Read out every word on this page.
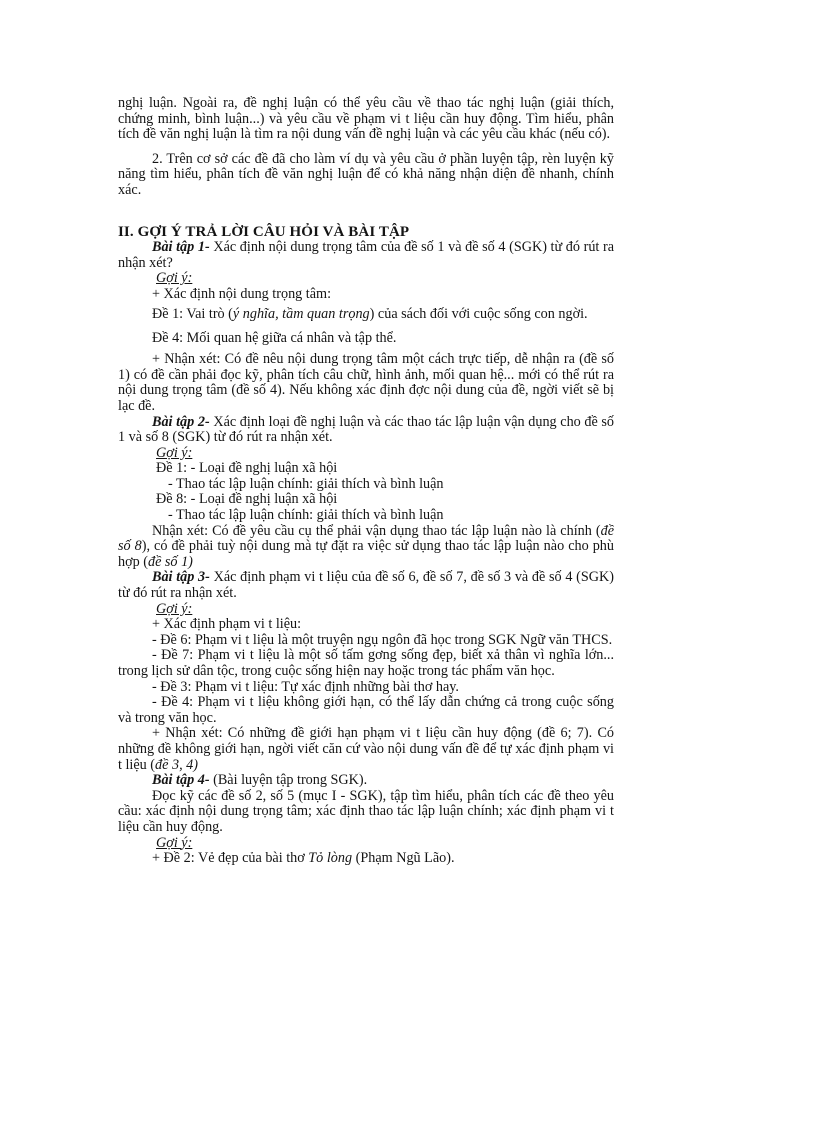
nghị luận. Ngoài ra, đề nghị luận có thể yêu cầu về thao tác nghị luận (giải thích, chứng minh, bình luận...) và yêu cầu về phạm vi t liệu cần huy động. Tìm hiểu, phân tích đề văn nghị luận là tìm ra nội dung vấn đề nghị luận và các yêu cầu khác (nếu có).

2. Trên cơ sở các đề đã cho làm ví dụ và yêu cầu ở phần luyện tập, rèn luyện kỹ năng tìm hiểu, phân tích đề văn nghị luận để có khả năng nhận diện đề nhanh, chính xác.

II. GỢI Ý TRẢ LỜI CÂU HỎI VÀ BÀI TẬP

Bài tập 1- Xác định nội dung trọng tâm của đề số 1 và đề số 4 (SGK) từ đó rút ra nhận xét?

Gợi ý:

+ Xác định nội dung trọng tâm:

Đề 1: Vai trò (ý nghĩa, tầm quan trọng) của sách đối với cuộc sống con ngời.

Đề 4: Mối quan hệ giữa cá nhân và tập thể.

+ Nhận xét: Có đề nêu nội dung trọng tâm một cách trực tiếp, dễ nhận ra (đề số 1) có đề cần phải đọc kỹ, phân tích câu chữ, hình ảnh, mối quan hệ... mới có thể rút ra nội dung trọng tâm (đề số 4). Nếu không xác định đợc nội dung của đề, ngời viết sẽ bị lạc đề.

Bài tập 2- Xác định loại đề nghị luận và các thao tác lập luận vận dụng cho đề số 1 và số 8 (SGK) từ đó rút ra nhận xét.

Gợi ý:

Đề 1: - Loại đề nghị luận xã hội

- Thao tác lập luận chính: giải thích và bình luận

Đề 8: - Loại đề nghị luận xã hội

- Thao tác lập luận chính: giải thích và bình luận

Nhận xét: Có đề yêu cầu cụ thể phải vận dụng thao tác lập luận nào là chính (đề số 8), có đề phải tuỳ nội dung mà tự đặt ra việc sử dụng thao tác lập luận nào cho phù hợp (đề số 1)

Bài tập 3- Xác định phạm vi t liệu của đề số 6, đề số 7, đề số 3 và đề số 4 (SGK) từ đó rút ra nhận xét.

Gợi ý:

+ Xác định phạm vi t liệu:

- Đề 6: Phạm vi t liệu là một truyện ngụ ngôn đã học trong SGK Ngữ văn THCS.

- Đề 7: Phạm vi t liệu là một số tấm gơng sống đẹp, biết xả thân vì nghĩa lớn... trong lịch sử dân tộc, trong cuộc sống hiện nay hoặc trong tác phẩm văn học.

- Đề 3: Phạm vi t liệu: Tự xác định những bài thơ hay.

- Đề 4: Phạm vi t liệu không giới hạn, có thể lấy dẫn chứng cả trong cuộc sống và trong văn học.

+ Nhận xét: Có những đề giới hạn phạm vi t liệu cần huy động (đề 6; 7). Có những đề không giới hạn, ngời viết căn cứ vào nội dung vấn đề để tự xác định phạm vi t liệu (đề 3, 4)

Bài tập 4- (Bài luyện tập trong SGK).

Đọc kỹ các đề số 2, số 5 (mục I - SGK), tập tìm hiểu, phân tích các đề theo yêu cầu: xác định nội dung trọng tâm; xác định thao tác lập luận chính; xác định phạm vi t liệu cần huy động.

Gợi ý:

+ Đề 2: Vẻ đẹp của bài thơ Tỏ lòng (Phạm Ngũ Lão).
